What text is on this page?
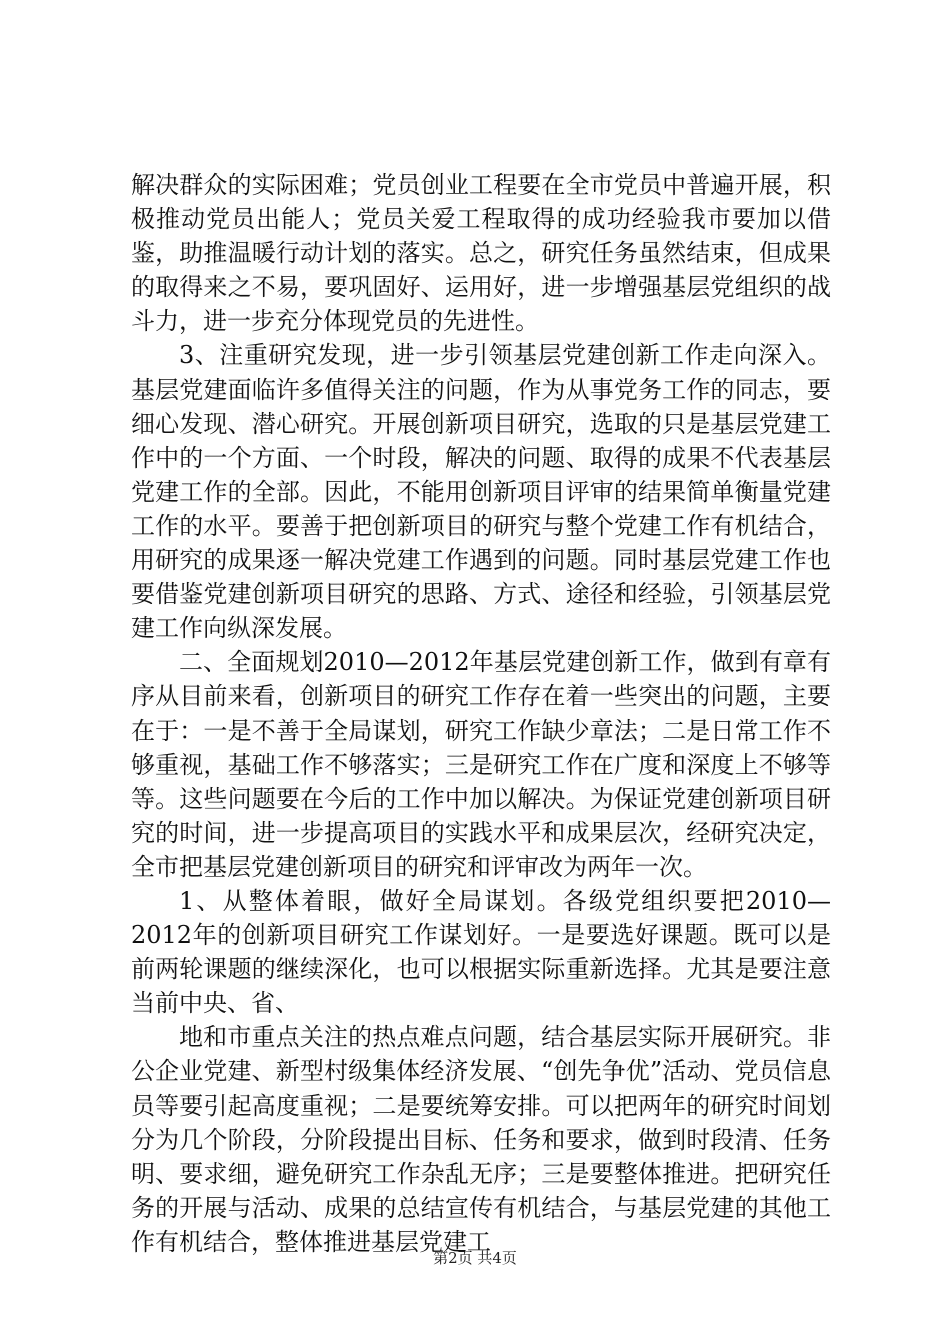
解决群众的实际困难；党员创业工程要在全市党员中普遍开展，积极推动党员出能人；党员关爱工程取得的成功经验我市要加以借鉴，助推温暖行动计划的落实。总之，研究任务虽然结束，但成果的取得来之不易，要巩固好、运用好，进一步增强基层党组织的战斗力，进一步充分体现党员的先进性。

3、注重研究发现，进一步引领基层党建创新工作走向深入。基层党建面临许多值得关注的问题，作为从事党务工作的同志，要细心发现、潜心研究。开展创新项目研究，选取的只是基层党建工作中的一个方面、一个时段，解决的问题、取得的成果不代表基层党建工作的全部。因此，不能用创新项目评审的结果简单衡量党建工作的水平。要善于把创新项目的研究与整个党建工作有机结合，用研究的成果逐一解决党建工作遇到的问题。同时基层党建工作也要借鉴党建创新项目研究的思路、方式、途径和经验，引领基层党建工作向纵深发展。

二、全面规划2010—2012年基层党建创新工作，做到有章有序从目前来看，创新项目的研究工作存在着一些突出的问题，主要在于：一是不善于全局谋划，研究工作缺少章法；二是日常工作不够重视，基础工作不够落实；三是研究工作在广度和深度上不够等等。这些问题要在今后的工作中加以解决。为保证党建创新项目研究的时间，进一步提高项目的实践水平和成果层次，经研究决定，全市把基层党建创新项目的研究和评审改为两年一次。

1、从整体着眼，做好全局谋划。各级党组织要把2010—2012年的创新项目研究工作谋划好。一是要选好课题。既可以是前两轮课题的继续深化，也可以根据实际重新选择。尤其是要注意当前中央、省、

地和市重点关注的热点难点问题，结合基层实际开展研究。非公企业党建、新型村级集体经济发展、“创先争优”活动、党员信息员等要引起高度重视；二是要统筹安排。可以把两年的研究时间划分为几个阶段，分阶段提出目标、任务和要求，做到时段清、任务明、要求细，避免研究工作杂乱无序；三是要整体推进。把研究任务的开展与活动、成果的总结宣传有机结合，与基层党建的其他工作有机结合，整体推进基层党建工

第2页 共4页
